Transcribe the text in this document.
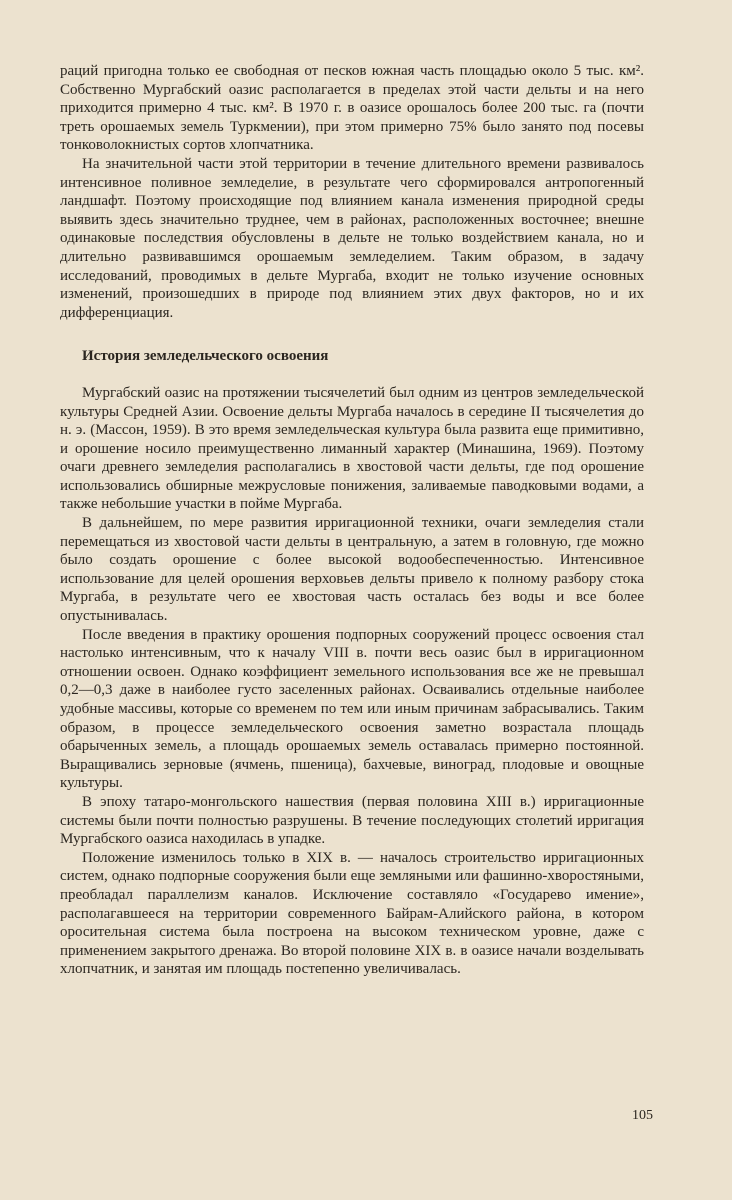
раций пригодна только ее свободная от песков южная часть площадью около 5 тыс. км². Собственно Мургабский оазис располагается в пределах этой части дельты и на него приходится примерно 4 тыс. км². В 1970 г. в оазисе орошалось более 200 тыс. га (почти треть орошаемых земель Туркмении), при этом примерно 75% было занято под посевы тонковолокнистых сортов хлопчатника.

На значительной части этой территории в течение длительного времени развивалось интенсивное поливное земледелие, в результате чего сформировался антропогенный ландшафт. Поэтому происходящие под влиянием канала изменения природной среды выявить здесь значительно труднее, чем в районах, расположенных восточнее; внешне одинаковые последствия обусловлены в дельте не только воздействием канала, но и длительно развивавшимся орошаемым земледелием. Таким образом, в задачу исследований, проводимых в дельте Мургаба, входит не только изучение основных изменений, произошедших в природе под влиянием этих двух факторов, но и их дифференциация.

История земледельческого освоения

Мургабский оазис на протяжении тысячелетий был одним из центров земледельческой культуры Средней Азии. Освоение дельты Мургаба началось в середине II тысячелетия до н. э. (Массон, 1959). В это время земледельческая культура была развита еще примитивно, и орошение носило преимущественно лиманный характер (Минашина, 1969). Поэтому очаги древнего земледелия располагались в хвостовой части дельты, где под орошение использовались обширные межрусловые понижения, заливаемые паводковыми водами, а также небольшие участки в пойме Мургаба.

В дальнейшем, по мере развития ирригационной техники, очаги земледелия стали перемещаться из хвостовой части дельты в центральную, а затем в головную, где можно было создать орошение с более высокой водообеспеченностью. Интенсивное использование для целей орошения верховьев дельты привело к полному разбору стока Мургаба, в результате чего ее хвостовая часть осталась без воды и все более опустынивалась.

После введения в практику орошения подпорных сооружений процесс освоения стал настолько интенсивным, что к началу VIII в. почти весь оазис был в ирригационном отношении освоен. Однако коэффициент земельного использования все же не превышал 0,2—0,3 даже в наиболее густо заселенных районах. Осваивались отдельные наиболее удобные массивы, которые со временем по тем или иным причинам забрасывались. Таким образом, в процессе земледельческого освоения заметно возрастала площадь обарыченных земель, а площадь орошаемых земель оставалась примерно постоянной. Выращивались зерновые (ячмень, пшеница), бахчевые, виноград, плодовые и овощные культуры.

В эпоху татаро-монгольского нашествия (первая половина XIII в.) ирригационные системы были почти полностью разрушены. В течение последующих столетий ирригация Мургабского оазиса находилась в упадке.

Положение изменилось только в XIX в. — началось строительство ирригационных систем, однако подпорные сооружения были еще земляными или фашинно-хворостяными, преобладал параллелизм каналов. Исключение составляло «Государево имение», располагавшееся на территории современного Байрам-Алийского района, в котором оросительная система была построена на высоком техническом уровне, даже с применением закрытого дренажа. Во второй половине XIX в. в оазисе начали возделывать хлопчатник, и занятая им площадь постепенно увеличивалась.

105
